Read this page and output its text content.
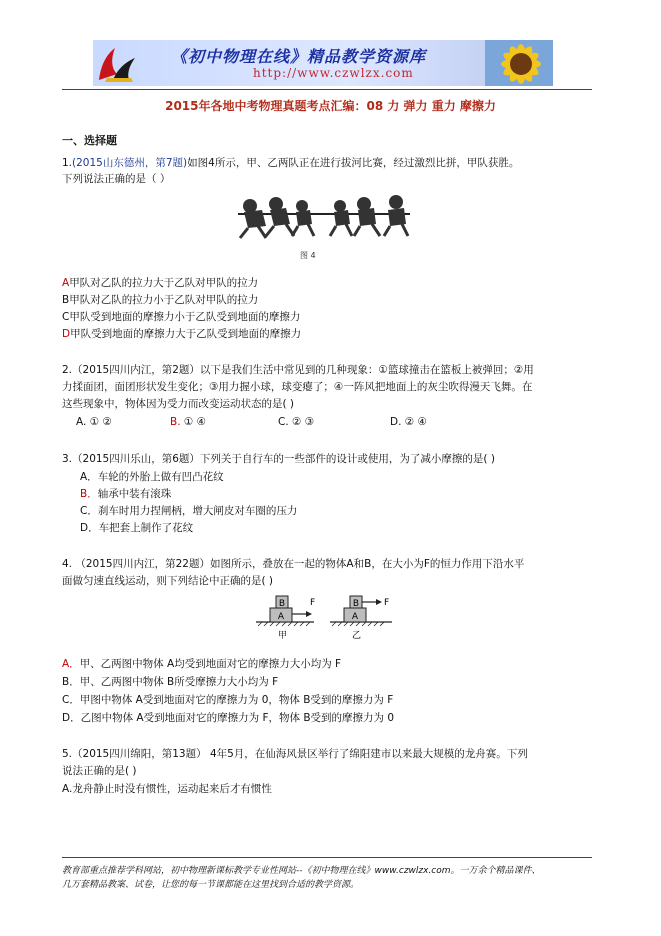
《初中物理在线》精品教学资源库
http://www.czwlzx.com
2015年各地中考物理真题考点汇编：08 力 弹力 重力 摩擦力
一、选择题
1.(2015山东德州，第7题)如图4所示，甲、乙两队正在进行拔河比赛，经过激烈比拼，甲队获胜。
下列说法正确的是（ ）
图 4
A甲队对乙队的拉力大于乙队对甲队的拉力
B甲队对乙队的拉力小于乙队对甲队的拉力
C甲队受到地面的摩擦力小于乙队受到地面的摩擦力
D甲队受到地面的摩擦力大于乙队受到地面的摩擦力
2.（2015四川内江，第2题）以下是我们生活中常见到的几种现象：①篮球撞击在篮板上被弹回；②用
力揉面团，面团形状发生变化；③用力握小球，球变瘪了；④一阵风把地面上的灰尘吹得漫天飞舞。在
这些现象中，物体因为受力而改变运动状态的是( )
A. ① ②	B. ① ④	C. ② ③	D. ② ④
3.（2015四川乐山，第6题）下列关于自行车的一些部件的设计或使用，为了减小摩擦的是( )
A．车轮的外胎上做有凹凸花纹
B．轴承中装有滚珠
C．刹车时用力捏闸柄，增大闸皮对车圈的压力
D．车把套上制作了花纹
4. （2015四川内江，第22题）如图所示，叠放在一起的物体A和B，在大小为F的恒力作用下沿水平
面做匀速直线运动，则下列结论中正确的是( )
A
B	F
甲
A
B	F
乙
A．甲、乙两图中物体 A均受到地面对它的摩擦力大小均为 F
B．甲、乙两图中物体 B所受摩擦力大小均为 F
C．甲图中物体 A受到地面对它的摩擦力为 0，物体 B受到的摩擦力为 F
D．乙图中物体 A受到地面对它的摩擦力为 F，物体 B受到的摩擦力为 0
5.（2015四川绵阳，第13题） 4年5月，在仙海风景区举行了绵阳建市以来最大规模的龙舟赛。下列
说法正确的是( )
A.龙舟静止时没有惯性，运动起来后才有惯性
教育部重点推荐学科网站，初中物理新课标教学专业性网站--《初中物理在线》www.czwlzx.com。一万余个精品课件、
几万套精品教案、试卷，让您的每一节课都能在这里找到合适的教学资源。
